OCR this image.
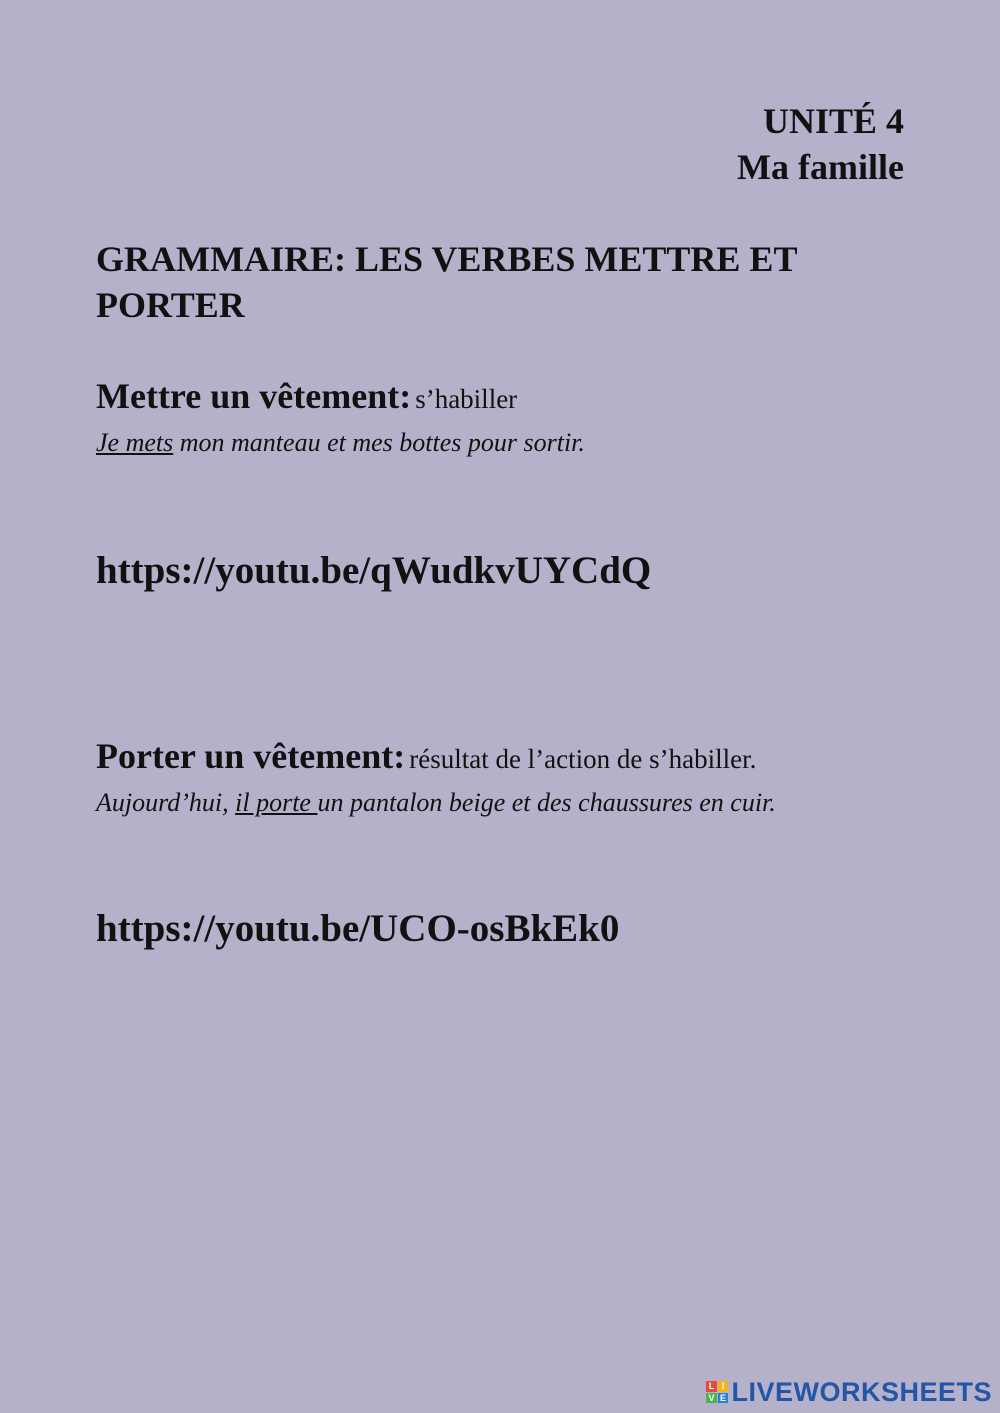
UNITÉ 4
Ma famille
GRAMMAIRE: LES VERBES METTRE ET PORTER
Mettre un vêtement: s’habiller
Je mets mon manteau et mes bottes pour sortir.
https://youtu.be/qWudkvUYCdQ
Porter un vêtement: résultat de l’action de s’habiller.
Aujourd’hui, il porte un pantalon beige et des chaussures en cuir.
https://youtu.be/UCO-osBkEk0
L I
V E LIVEWORKSHEETS
